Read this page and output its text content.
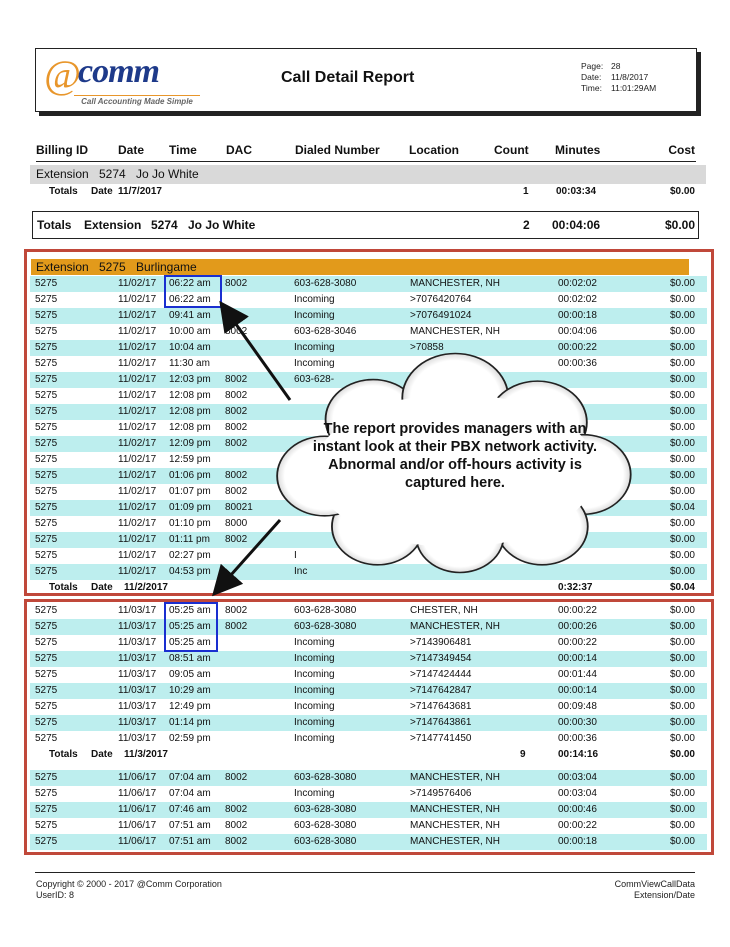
@
comm
Call Accounting Made Simple
Call Detail Report
Page: 28
Date: 11/8/2017
Time: 11:01:29AM
Billing ID	Date Time DAC	Dialed Number Location	Count Minutes	Cost
Extension 5274 Jo Jo White
Totals Date 11/7/2017	1	00:03:34	$0.00
Totals Extension 5274 Jo Jo White	2 00:04:06	$0.00
Extension 5275 Burlingame
5275	11/02/17 06:22 am 8002	603-628-3080	MANCHESTER, NH	00:02:02	$0.00
5275	11/02/17 06:22 am	Incoming	>7076420764	00:02:02	$0.00
5275	11/02/17 09:41 am	Incoming	>7076491024	00:00:18	$0.00
5275	11/02/17 10:00 am 8002	603-628-3046	MANCHESTER, NH	00:04:06	$0.00
5275	11/02/17 10:04 am	Incoming	>70858	00:00:22	$0.00
5275	11/02/17 11:30 am	Incoming	00:00:36	$0.00
5275	11/02/17 12:03 pm 8002	603-628-	$0.00
5275	11/02/17 12:08 pm 8002	$0.00
5275	11/02/17 12:08 pm 8002	$0.00
5275	11/02/17 12:08 pm 8002	$0.00
5275	11/02/17 12:09 pm 8002	$0.00
5275	11/02/17 12:59 pm	$0.00
5275	11/02/17 01:06 pm 8002	$0.00
5275	11/02/17 01:07 pm 8002	$0.00
5275	11/02/17 01:09 pm 80021	$0.04
5275	11/02/17 01:10 pm 8000	$0.00
5275	11/02/17 01:11 pm 8002	$0.00
5275	11/02/17 02:27 pm	I	$0.00
5275	11/02/17 04:53 pm	Inc	$0.00
Totals Date 11/2/2017	0:32:37	$0.04
5275	11/03/17 05:25 am 8002	603-628-3080	CHESTER, NH	00:00:22	$0.00
5275	11/03/17 05:25 am 8002	603-628-3080	MANCHESTER, NH	00:00:26	$0.00
5275	11/03/17 05:25 am	Incoming	>7143906481	00:00:22	$0.00
5275	11/03/17 08:51 am	Incoming	>7147349454	00:00:14	$0.00
5275	11/03/17 09:05 am	Incoming	>7147424444	00:01:44	$0.00
5275	11/03/17 10:29 am	Incoming	>7147642847	00:00:14	$0.00
5275	11/03/17 12:49 pm	Incoming	>7147643681	00:09:48	$0.00
5275	11/03/17 01:14 pm	Incoming	>7147643861	00:00:30	$0.00
5275	11/03/17 02:59 pm	Incoming	>7147741450	00:00:36	$0.00
Totals Date 11/3/2017	9	00:14:16	$0.00
5275	11/06/17 07:04 am 8002	603-628-3080	MANCHESTER, NH	00:03:04	$0.00
5275	11/06/17 07:04 am	Incoming	>7149576406	00:03:04	$0.00
5275	11/06/17 07:46 am 8002	603-628-3080	MANCHESTER, NH	00:00:46	$0.00
5275	11/06/17 07:51 am 8002	603-628-3080	MANCHESTER, NH	00:00:22	$0.00
5275	11/06/17 07:51 am 8002	603-628-3080	MANCHESTER, NH	00:00:18	$0.00
The report provides managers with an instant look at their PBX network activity. Abnormal and/or off-hours activity is captured here.
Copyright © 2000 - 2017 @Comm Corporation
UserID: 8
CommViewCallData
Extension/Date
